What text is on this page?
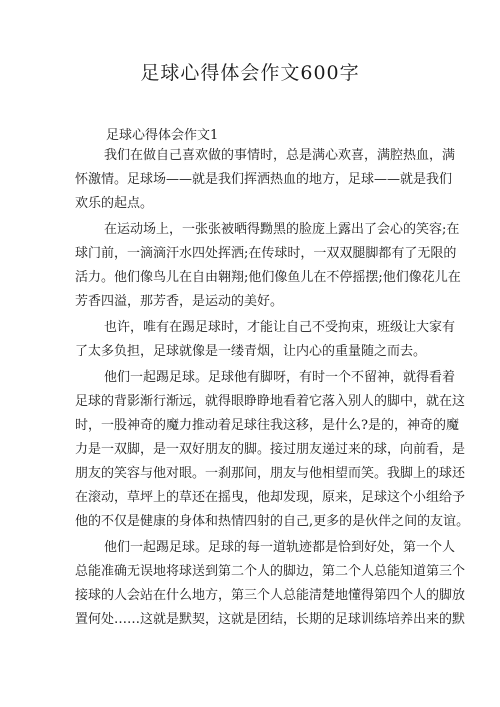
足球心得体会作文600字
足球心得体会作文1
我们在做自己喜欢做的事情时，总是满心欢喜，满腔热血，满
怀激情。足球场——就是我们挥洒热血的地方，足球——就是我们
欢乐的起点。
在运动场上，一张张被晒得黝黑的脸庞上露出了会心的笑容;在
球门前，一滴滴汗水四处挥洒;在传球时，一双双腿脚都有了无限的
活力。他们像鸟儿在自由翱翔;他们像鱼儿在不停摇摆;他们像花儿在
芳香四溢，那芳香，是运动的美好。
也许，唯有在踢足球时，才能让自己不受拘束，班级让大家有
了太多负担，足球就像是一缕青烟，让内心的重量随之而去。
他们一起踢足球。足球他有脚呀，有时一个不留神，就得看着
足球的背影渐行渐远，就得眼睁睁地看着它落入别人的脚中，就在这
时，一股神奇的魔力推动着足球往我这移，是什么?是的，神奇的魔
力是一双脚，是一双好朋友的脚。接过朋友递过来的球，向前看，是
朋友的笑容与他对眼。一刹那间，朋友与他相望而笑。我脚上的球还
在滚动，草坪上的草还在摇曳，他却发现，原来，足球这个小组给予
他的不仅是健康的身体和热情四射的自己,更多的是伙伴之间的友谊。
他们一起踢足球。足球的每一道轨迹都是恰到好处，第一个人
总能准确无误地将球送到第二个人的脚边，第二个人总能知道第三个
接球的人会站在什么地方，第三个人总能清楚地懂得第四个人的脚放
置何处……这就是默契，这就是团结，长期的足球训练培养出来的默
